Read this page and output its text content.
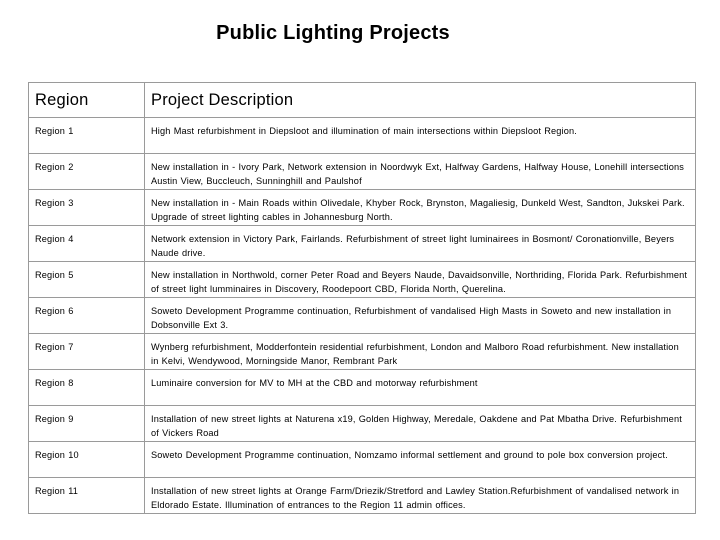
Public Lighting Projects
Region	Project Description

Region 1	High Mast refurbishment in Diepsloot and illumination of main intersections within Diepsloot Region.

Region 2	New installation in - Ivory Park, Network extension in Noordwyk Ext, Halfway Gardens, Halfway House, Lonehill intersections Austin View, Buccleuch, Sunninghill and Paulshof

Region 3	New installation in - Main Roads within Olivedale, Khyber Rock, Brynston, Magaliesig, Dunkeld West, Sandton, Jukskei Park. Upgrade of street lighting cables in Johannesburg North.

Region 4	Network extension in Victory Park, Fairlands. Refurbishment of street light luminairees in Bosmont/ Coronationville, Beyers Naude drive.

Region 5	New installation in Northwold, corner Peter Road and Beyers Naude, Davaidsonville, Northriding, Florida Park. Refurbishment of street light lumminaires in Discovery, Roodepoort CBD, Florida North, Querelina.

Region 6	Soweto Development Programme continuation, Refurbishment of vandalised High Masts in Soweto and new installation in Dobsonville Ext 3.

Region 7	Wynberg refurbishment, Modderfontein residential refurbishment, London and Malboro Road refurbishment. New installation in Kelvi, Wendywood, Morningside Manor, Rembrant Park

Region 8	Luminaire conversion for MV to MH at the CBD and motorway refurbishment

Region 9	Installation of new street lights at Naturena x19, Golden Highway, Meredale, Oakdene and Pat Mbatha Drive. Refurbishment of Vickers Road

Region 10	Soweto Development Programme continuation, Nomzamo informal settlement and ground to pole box conversion project.

Region 11	Installation of new street lights at Orange Farm/Driezik/Stretford and Lawley Station.Refurbishment of vandalised network in Eldorado Estate. Illumination of entrances to the Region 11 admin offices.
